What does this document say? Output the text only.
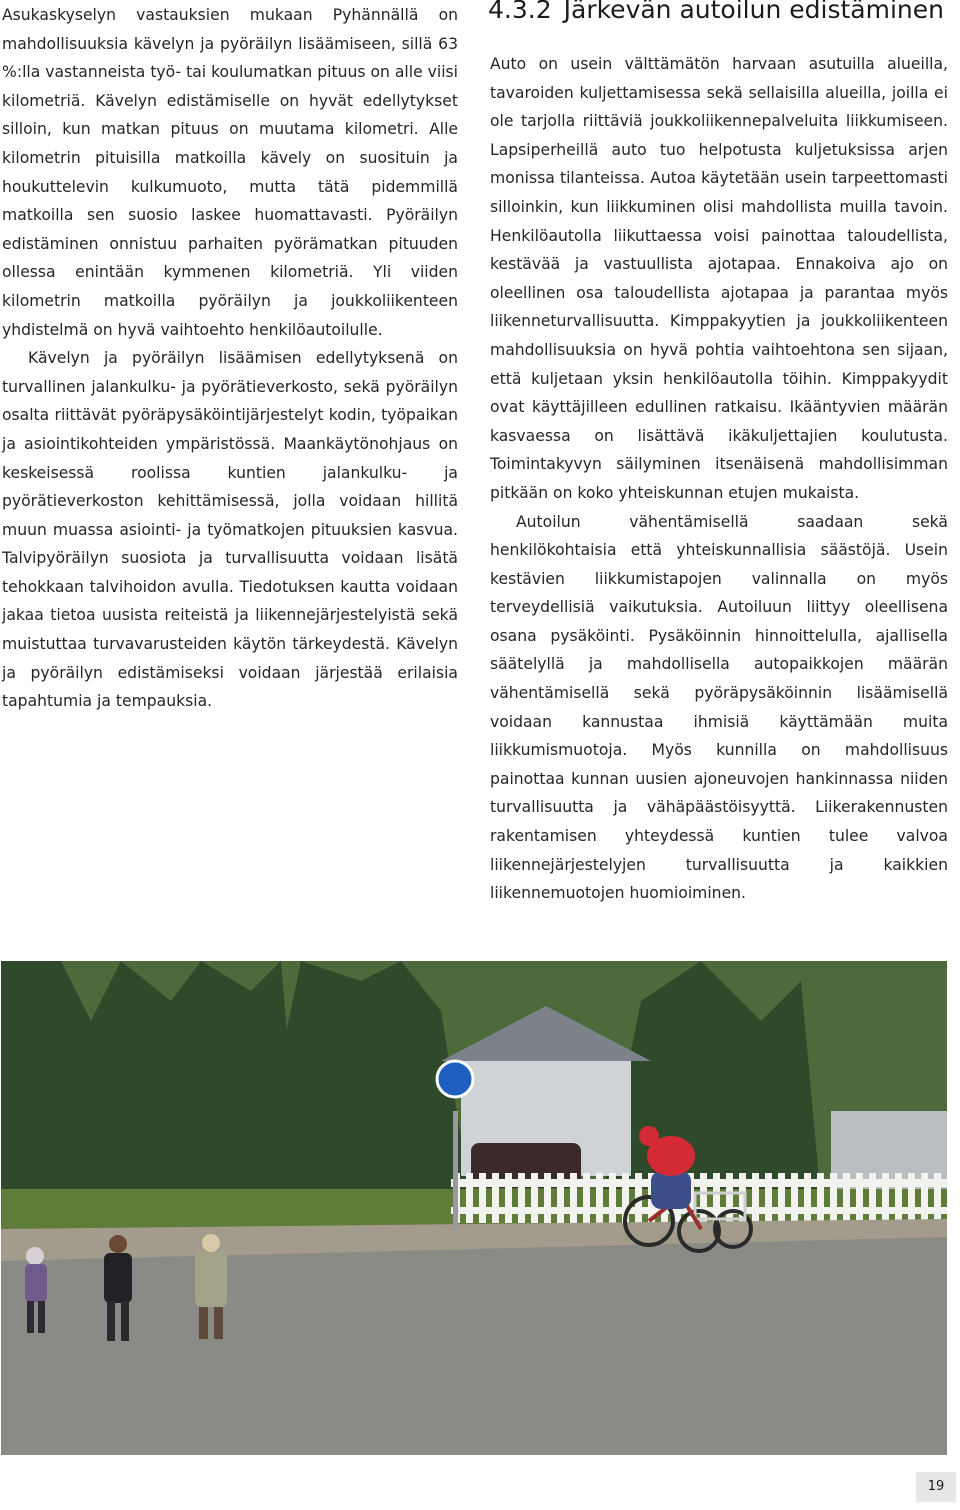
Asukaskyselyn vastauksien mukaan Pyhännällä on mahdollisuuksia kävelyn ja pyöräilyn lisäämiseen, sillä 63 %:lla vastanneista työ- tai koulumatkan pituus on alle viisi kilometriä. Kävelyn edistämiselle on hyvät edellytykset silloin, kun matkan pituus on muutama kilometri. Alle kilometrin pituisilla matkoilla kävely on suosituin ja houkuttelevin kulkumuoto, mutta tätä pidemmillä matkoilla sen suosio laskee huomattavasti. Pyöräilyn edistäminen onnistuu parhaiten pyörämatkan pituuden ollessa enintään kymmenen kilometriä. Yli viiden kilometrin matkoilla pyöräilyn ja joukkoliikenteen yhdistelmä on hyvä vaihtoehto henkilöautoilulle.

Kävelyn ja pyöräilyn lisäämisen edellytyksenä on turvallinen jalankulku- ja pyörätieverkosto, sekä pyöräilyn osalta riittävät pyöräpysäköintijärjestelyt kodin, työpaikan ja asiointikohteiden ympäristössä. Maankäytönohjaus on keskeisessä roolissa kuntien jalankulku- ja pyörätieverkoston kehittämisessä, jolla voidaan hillitä muun muassa asiointi- ja työmatkojen pituuksien kasvua. Talvipyöräilyn suosiota ja turvallisuutta voidaan lisätä tehokkaan talvihoidon avulla. Tiedotuksen kautta voidaan jakaa tietoa uusista reiteistä ja liikennejärjestelyistä sekä muistuttaa turvavarusteiden käytön tärkeydestä. Kävelyn ja pyöräilyn edistämiseksi voidaan järjestää erilaisia tapahtumia ja tempauksia.

4.3.2 Järkevän autoilun edistäminen

Auto on usein välttämätön harvaan asutuilla alueilla, tavaroiden kuljettamisessa sekä sellaisilla alueilla, joilla ei ole tarjolla riittäviä joukkoliikennepalveluita liikkumiseen. Lapsiperheillä auto tuo helpotusta kuljetuksissa arjen monissa tilanteissa. Autoa käytetään usein tarpeettomasti silloinkin, kun liikkuminen olisi mahdollista muilla tavoin. Henkilöautolla liikuttaessa voisi painottaa taloudellista, kestävää ja vastuullista ajotapaa. Ennakoiva ajo on oleellinen osa taloudellista ajotapaa ja parantaa myös liikenneturvallisuutta. Kimppakyytien ja joukkoliikenteen mahdollisuuksia on hyvä pohtia vaihtoehtona sen sijaan, että kuljetaan yksin henkilöautolla töihin. Kimppakyydit ovat käyttäjilleen edullinen ratkaisu. Ikääntyvien määrän kasvaessa on lisättävä ikäkuljettajien koulutusta. Toimintakyvyn säilyminen itsenäisenä mahdollisimman pitkään on koko yhteiskunnan etujen mukaista.

Autoilun vähentämisellä saadaan sekä henkilökohtaisia että yhteiskunnallisia säästöjä. Usein kestävien liikkumistapojen valinnalla on myös terveydellisiä vaikutuksia. Autoiluun liittyy oleellisena osana pysäköinti. Pysäköinnin hinnoittelulla, ajallisella säätelyllä ja mahdollisella autopaikkojen määrän vähentämisellä sekä pyöräpysäköinnin lisäämisellä voidaan kannustaa ihmisiä käyttämään muita liikkumismuotoja. Myös kunnilla on mahdollisuus painottaa kunnan uusien ajoneuvojen hankinnassa niiden turvallisuutta ja vähäpäästöisyyttä. Liikerakennusten rakentamisen yhteydessä kuntien tulee valvoa liikennejärjestelyjen turvallisuutta ja kaikkien liikennemuotojen huomioiminen.

19
